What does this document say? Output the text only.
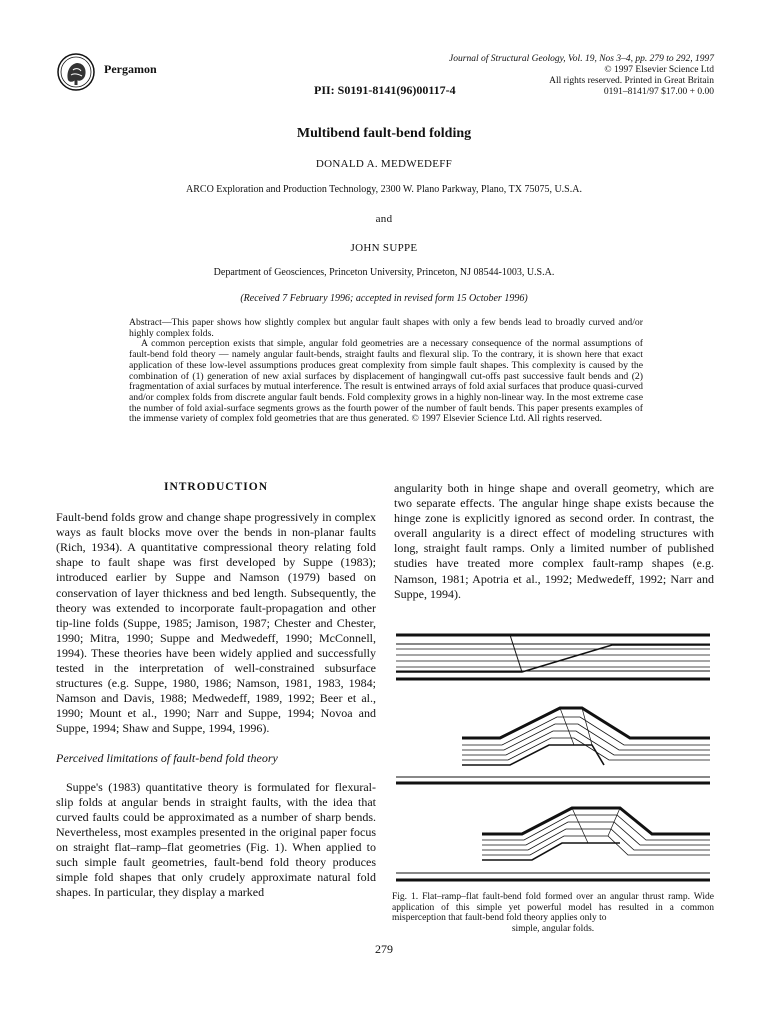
Pergamon
PII: S0191-8141(96)00117-4
Journal of Structural Geology, Vol. 19, Nos 3–4, pp. 279 to 292, 1997
© 1997 Elsevier Science Ltd
All rights reserved. Printed in Great Britain
0191–8141/97 $17.00 + 0.00
Multibend fault-bend folding
DONALD A. MEDWEDEFF
ARCO Exploration and Production Technology, 2300 W. Plano Parkway, Plano, TX 75075, U.S.A.
and
JOHN SUPPE
Department of Geosciences, Princeton University, Princeton, NJ 08544-1003, U.S.A.
(Received 7 February 1996; accepted in revised form 15 October 1996)

Abstract—This paper shows how slightly complex but angular fault shapes with only a few bends lead to broadly curved and/or highly complex folds.

A common perception exists that simple, angular fold geometries are a necessary consequence of the normal assumptions of fault-bend fold theory — namely angular fault-bends, straight faults and flexural slip. To the contrary, it is shown here that exact application of these low-level assumptions produces great complexity from simple fault shapes. This complexity is caused by the combination of (1) generation of new axial surfaces by displacement of hangingwall cut-offs past successive fault bends and (2) fragmentation of axial surfaces by mutual interference. The result is entwined arrays of fold axial surfaces that produce quasi-curved and/or complex folds from discrete angular fault bends. Fold complexity grows in a highly non-linear way. In the most extreme case the number of fold axial-surface segments grows as the fourth power of the number of fault bends. This paper presents examples of the immense variety of complex fold geometries that are thus generated. © 1997 Elsevier Science Ltd. All rights reserved.

INTRODUCTION
Fault-bend folds grow and change shape progressively in complex ways as fault blocks move over the bends in non-planar faults (Rich, 1934). A quantitative compressional theory relating fold shape to fault shape was first developed by Suppe (1983); introduced earlier by Suppe and Namson (1979) based on conservation of layer thickness and bed length. Subsequently, the theory was extended to incorporate fault-propagation and other tip-line folds (Suppe, 1985; Jamison, 1987; Chester and Chester, 1990; Mitra, 1990; Suppe and Medwedeff, 1990; McConnell, 1994). These theories have been widely applied and successfully tested in the interpretation of well-constrained subsurface structures (e.g. Suppe, 1980, 1986; Namson, 1981, 1983, 1984; Namson and Davis, 1988; Medwedeff, 1989, 1992; Beer et al., 1990; Mount et al., 1990; Narr and Suppe, 1994; Novoa and Suppe, 1994; Shaw and Suppe, 1994, 1996).
Perceived limitations of fault-bend fold theory
Suppe's (1983) quantitative theory is formulated for flexural-slip folds at angular bends in straight faults, with the idea that curved faults could be approximated as a number of sharp bends. Nevertheless, most examples presented in the original paper focus on straight flat–ramp–flat geometries (Fig. 1). When applied to such simple fault geometries, fault-bend fold theory produces simple fold shapes that only crudely approximate natural fold shapes. In particular, they display a marked
angularity both in hinge shape and overall geometry, which are two separate effects. The angular hinge shape exists because the hinge zone is explicitly ignored as second order. In contrast, the overall angularity is a direct effect of modeling structures with long, straight fault ramps. Only a limited number of published studies have treated more complex fault-ramp shapes (e.g. Namson, 1981; Apotria et al., 1992; Medwedeff, 1992; Narr and Suppe, 1994).
Fig. 1. Flat–ramp–flat fault-bend fold formed over an angular thrust ramp. Wide application of this simple yet powerful model has resulted in a common misperception that fault-bend fold theory applies only to
simple, angular folds.
279
